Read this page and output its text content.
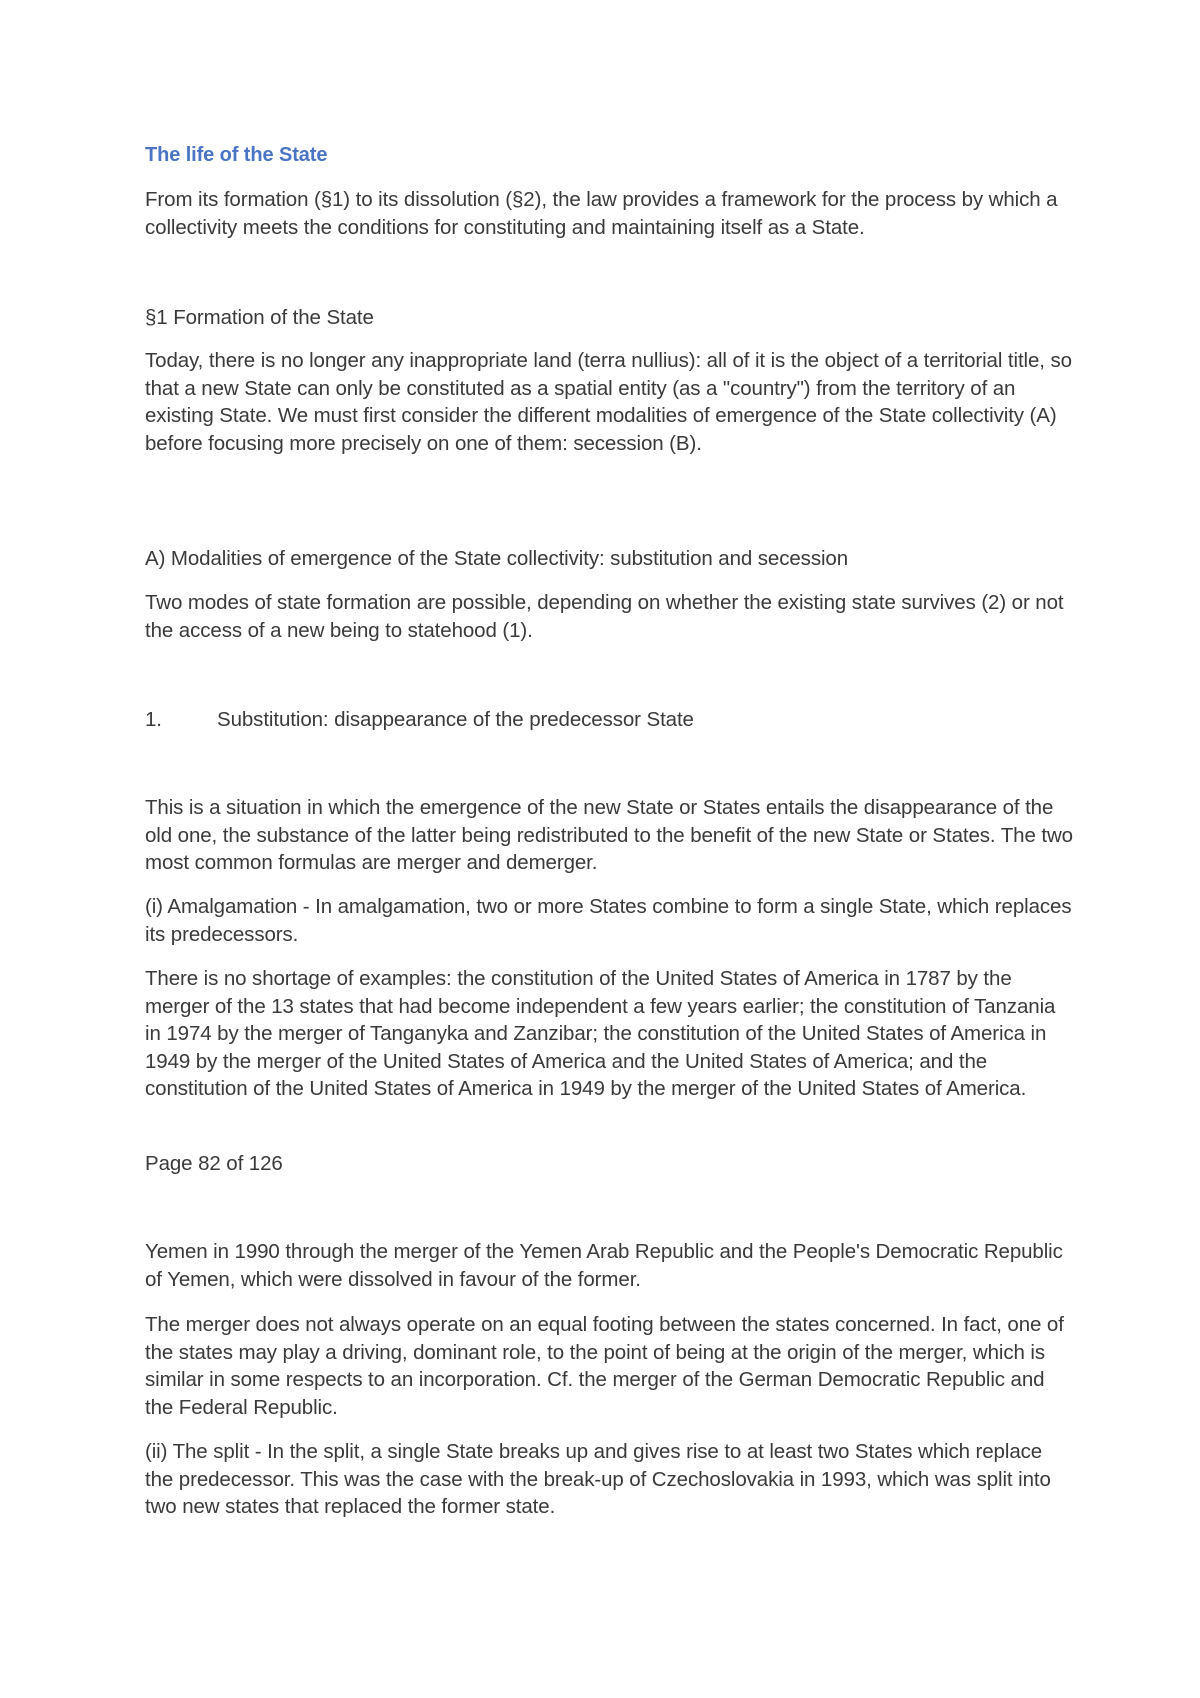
The life of the State

From its formation (§1) to its dissolution (§2), the law provides a framework for the process by which a collectivity meets the conditions for constituting and maintaining itself as a State.

§1 Formation of the State

Today, there is no longer any inappropriate land (terra nullius): all of it is the object of a territorial title, so that a new State can only be constituted as a spatial entity (as a "country") from the territory of an existing State. We must first consider the different modalities of emergence of the State collectivity (A) before focusing more precisely on one of them: secession (B).

A) Modalities of emergence of the State collectivity: substitution and secession

Two modes of state formation are possible, depending on whether the existing state survives (2) or not the access of a new being to statehood (1).

1.	Substitution: disappearance of the predecessor State

This is a situation in which the emergence of the new State or States entails the disappearance of the old one, the substance of the latter being redistributed to the benefit of the new State or States. The two most common formulas are merger and demerger.

(i) Amalgamation - In amalgamation, two or more States combine to form a single State, which replaces its predecessors.

There is no shortage of examples: the constitution of the United States of America in 1787 by the merger of the 13 states that had become independent a few years earlier; the constitution of Tanzania in 1974 by the merger of Tanganyka and Zanzibar; the constitution of the United States of America in 1949 by the merger of the United States of America and the United States of America; and the constitution of the United States of America in 1949 by the merger of the United States of America.

Page 82 of 126

Yemen in 1990 through the merger of the Yemen Arab Republic and the People's Democratic Republic of Yemen, which were dissolved in favour of the former.

The merger does not always operate on an equal footing between the states concerned. In fact, one of the states may play a driving, dominant role, to the point of being at the origin of the merger, which is similar in some respects to an incorporation. Cf. the merger of the German Democratic Republic and the Federal Republic.

(ii) The split - In the split, a single State breaks up and gives rise to at least two States which replace the predecessor. This was the case with the break-up of Czechoslovakia in 1993, which was split into two new states that replaced the former state.
